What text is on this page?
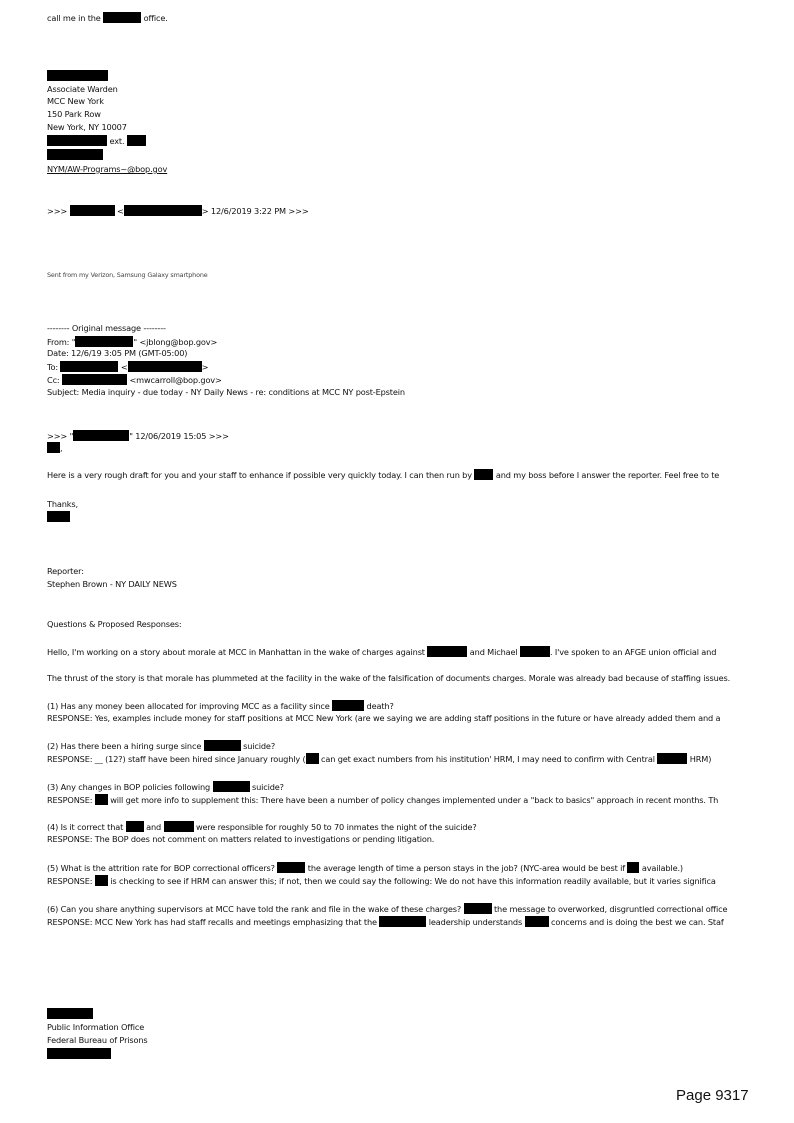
call me in the	office.
Associate Warden
MCC New York
150 Park Row
New York, NY 10007
ext.
NYM/AW-Programs~@bop.gov
>>>	<	> 12/6/2019 3:22 PM >>>
Sent from my Verizon, Samsung Galaxy smartphone
-------- Original message --------
From: "	" <jblong@bop.gov>
Date: 12/6/19 3:05 PM (GMT-05:00)
To:	<	>
Cc:	<mwcarroll@bop.gov>
Subject: Media inquiry - due today - NY Daily News - re: conditions at MCC NY post-Epstein
>>> "	" 12/06/2019 15:05 >>>
,
Here is a very rough draft for you and your staff to enhance if possible very quickly today. I can then run by	and my boss before I answer the reporter. Feel free to te
Thanks,
Reporter:
Stephen Brown - NY DAILY NEWS
Questions & Proposed Responses:
Hello, I'm working on a story about morale at MCC in Manhattan in the wake of charges against	and Michael	. I've spoken to an AFGE union official and
The thrust of the story is that morale has plummeted at the facility in the wake of the falsification of documents charges. Morale was already bad because of staffing issues.
(1) Has any money been allocated for improving MCC as a facility since	death?
RESPONSE: Yes, examples include money for staff positions at MCC New York (are we saying we are adding staff positions in the future or have already added them and a
(2) Has there been a hiring surge since	suicide?
RESPONSE: __ (12?) staff have been hired since January roughly ( can get exact numbers from his institution' HRM, I may need to confirm with Central	HRM)
(3) Any changes in BOP policies following	suicide?
RESPONSE: will get more info to supplement this: There have been a number of policy changes implemented under a "back to basics" approach in recent months. Th
(4) Is it correct that	and	were responsible for roughly 50 to 70 inmates the night of the suicide?
RESPONSE: The BOP does not comment on matters related to investigations or pending litigation.
(5) What is the attrition rate for BOP correctional officers?	the average length of time a person stays in the job? (NYC-area would be best if available.)
RESPONSE: is checking to see if HRM can answer this; if not, then we could say the following: We do not have this information readily available, but it varies significa
(6) Can you share anything supervisors at MCC have told the rank and file in the wake of these charges?	the message to overworked, disgruntled correctional office
RESPONSE: MCC New York has had staff recalls and meetings emphasizing that the	leadership understands	concerns and is doing the best we can. Staf
Public Information Office
Federal Bureau of Prisons
Page 9317
